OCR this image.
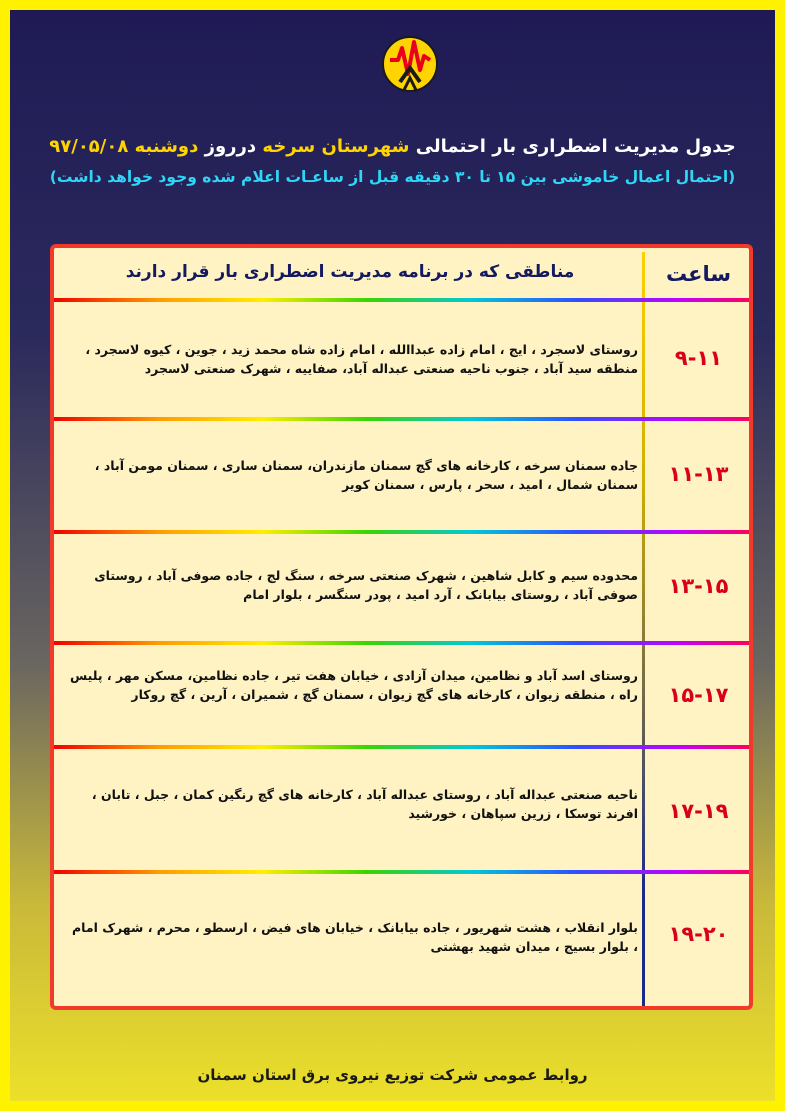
جدول مدیریت اضطراری بار احتمالی شهرستان سرخه درروز دوشنبه ۹۷/۰۵/۰۸
(احتمال اعمال خاموشی بین ۱۵ تا ۳۰ دقیقه قبل از ساعـات اعلام شده وجود خواهد داشت)
ساعت
مناطقی که در برنامه مدیریت اضطراری بار قرار دارند
۹-۱۱
روستای لاسجرد ، ایج ، امام زاده عبداالله ، امام زاده شاه محمد زید ، جوین ، کیوه لاسجرد ، منطقه سید آباد ، جنوب ناحیه صنعتی عبداله آباد، صفاییه ، شهرک صنعتی لاسجرد
۱۱-۱۳
جاده سمنان سرخه ، کارخانه های گچ سمنان مازندران، سمنان ساری ، سمنان مومن آباد ، سمنان شمال ، امید ، سحر ، پارس ، سمنان کویر
۱۳-۱۵
محدوده سیم و کابل شاهین ، شهرک صنعتی سرخه ، سنگ لج ، جاده صوفی آباد ، روستای صوفی آباد ، روستای بیابانک ، آرد امید ، پودر سنگسر ، بلوار امام
۱۵-۱۷
روستای اسد آباد و نظامین، میدان آزادی ، خیابان هفت تیر ، جاده نظامین، مسکن مهر ، پلیس راه ، منطقه زیوان ، کارخانه های گچ زیوان ، سمنان گچ ، شمیران ، آرین ، گچ روکار
۱۷-۱۹
ناحیه صنعتی عبداله آباد ، روستای عبداله آباد ، کارخانه های گچ رنگین کمان ، جبل ، تابان ، افرند توسکا ، زرین سپاهان ، خورشید
۱۹-۲۰
بلوار انقلاب ، هشت شهریور ، جاده بیابانک ، خیابان های فیض ، ارسطو ، محرم ، شهرک امام ، بلوار بسیج ، میدان شهید بهشتی
روابط عمومی شرکت توزیع نیروی برق استان سمنان
